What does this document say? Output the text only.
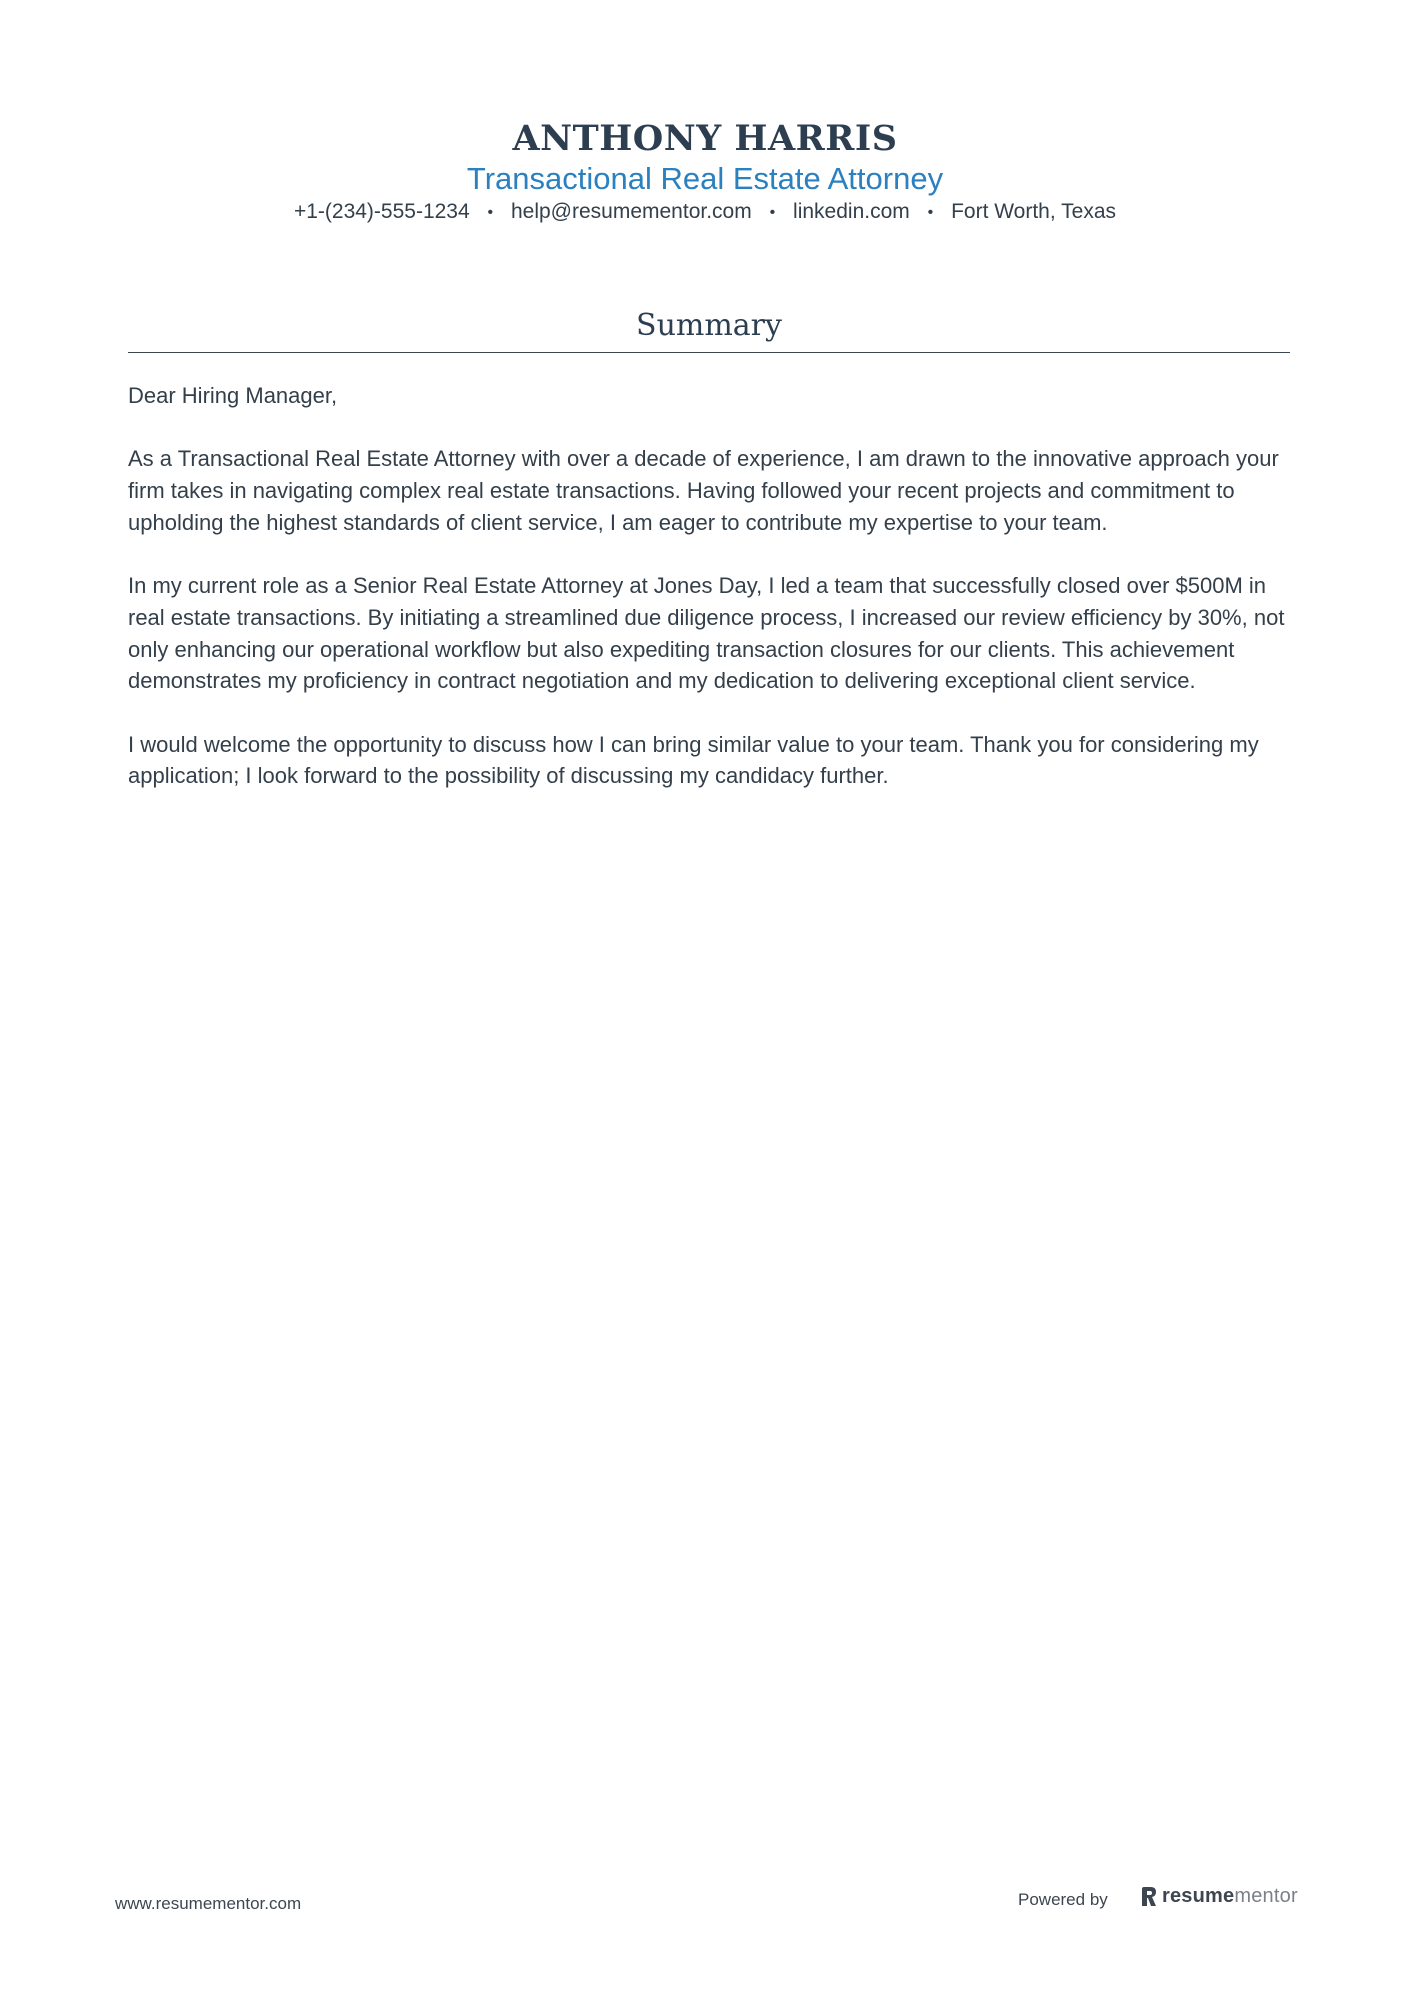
ANTHONY HARRIS
Transactional Real Estate Attorney
+1-(234)-555-1234 • help@resumementor.com • linkedin.com • Fort Worth, Texas
Summary

Dear Hiring Manager,

As a Transactional Real Estate Attorney with over a decade of experience, I am drawn to the innovative approach your firm takes in navigating complex real estate transactions. Having followed your recent projects and commitment to upholding the highest standards of client service, I am eager to contribute my expertise to your team.

In my current role as a Senior Real Estate Attorney at Jones Day, I led a team that successfully closed over $500M in real estate transactions. By initiating a streamlined due diligence process, I increased our review efficiency by 30%, not only enhancing our operational workflow but also expediting transaction closures for our clients. This achievement demonstrates my proficiency in contract negotiation and my dedication to delivering exceptional client service.

I would welcome the opportunity to discuss how I can bring similar value to your team. Thank you for considering my application; I look forward to the possibility of discussing my candidacy further.

www.resumementor.com	Powered by	resumementor
